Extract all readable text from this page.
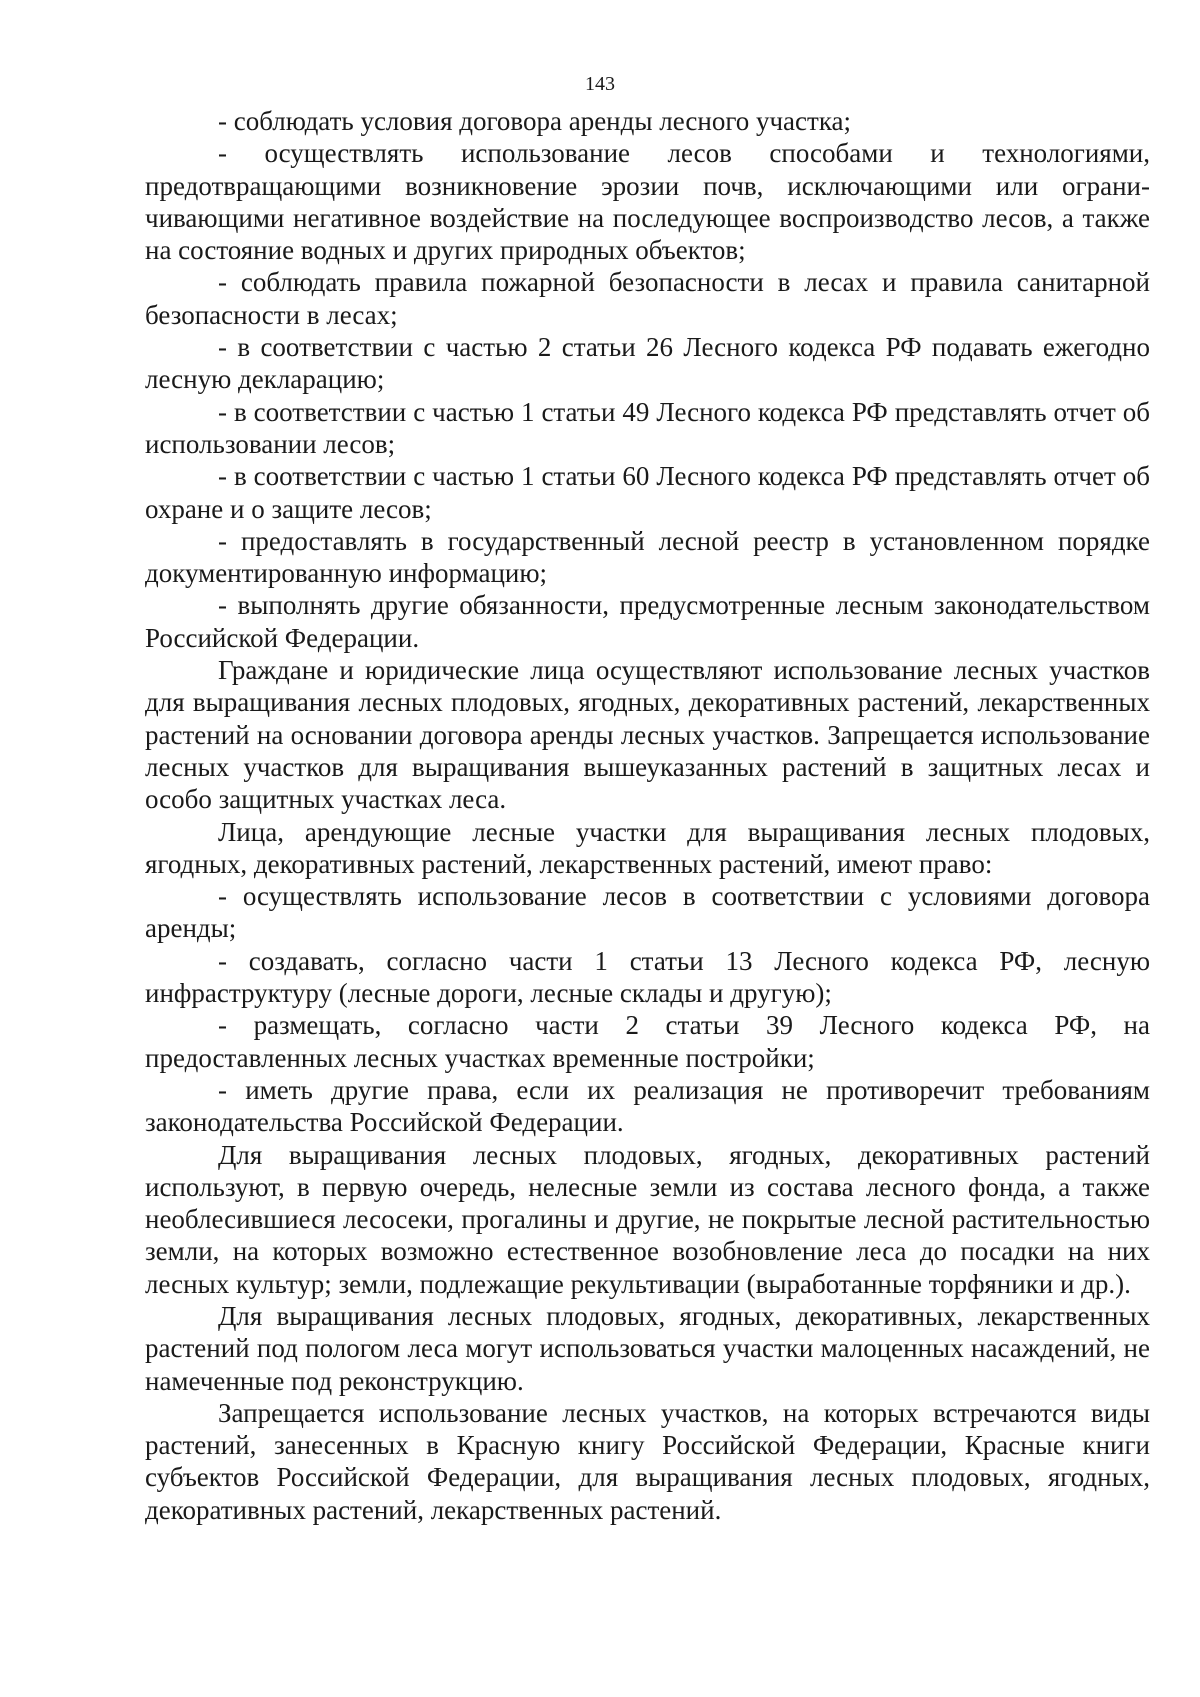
143

- соблюдать условия договора аренды лесного участка;

- осуществлять использование лесов способами и технологиями, предотвращающими возникновение эрозии почв, исключающими или ограничивающими негативное воздействие на последующее воспроизводство лесов, а также на состояние водных и других природных объектов;

- соблюдать правила пожарной безопасности в лесах и правила санитарной безопасности в лесах;

- в соответствии с частью 2 статьи 26 Лесного кодекса РФ подавать ежегодно лесную декларацию;

- в соответствии с частью 1 статьи 49 Лесного кодекса РФ представлять отчет об использовании лесов;

- в соответствии с частью 1 статьи 60 Лесного кодекса РФ представлять отчет об охране и о защите лесов;

- предоставлять в государственный лесной реестр в установленном порядке документированную информацию;

- выполнять другие обязанности, предусмотренные лесным законодательством Российской Федерации.

Граждане и юридические лица осуществляют использование лесных участков для выращивания лесных плодовых, ягодных, декоративных растений, лекарственных растений на основании договора аренды лесных участков. Запрещается использование лесных участков для выращивания вышеуказанных растений в защитных лесах и особо защитных участках леса.

Лица, арендующие лесные участки для выращивания лесных плодовых, ягодных, декоративных растений, лекарственных растений, имеют право:

- осуществлять использование лесов в соответствии с условиями договора аренды;

- создавать, согласно части 1 статьи 13 Лесного кодекса РФ, лесную инфраструктуру (лесные дороги, лесные склады и другую);

- размещать, согласно части 2 статьи 39 Лесного кодекса РФ, на предоставленных лесных участках временные постройки;

- иметь другие права, если их реализация не противоречит требованиям законодательства Российской Федерации.

Для выращивания лесных плодовых, ягодных, декоративных растений используют, в первую очередь, нелесные земли из состава лесного фонда, а также необлесившиеся лесосеки, прогалины и другие, не покрытые лесной растительностью земли, на которых возможно естественное возобновление леса до посадки на них лесных культур; земли, подлежащие рекультивации (выработанные торфяники и др.).

Для выращивания лесных плодовых, ягодных, декоративных, лекарственных растений под пологом леса могут использоваться участки малоценных насаждений, не намеченные под реконструкцию.

Запрещается использование лесных участков, на которых встречаются виды растений, занесенных в Красную книгу Российской Федерации, Красные книги субъектов Российской Федерации, для выращивания лесных плодовых, ягодных, декоративных растений, лекарственных растений.
